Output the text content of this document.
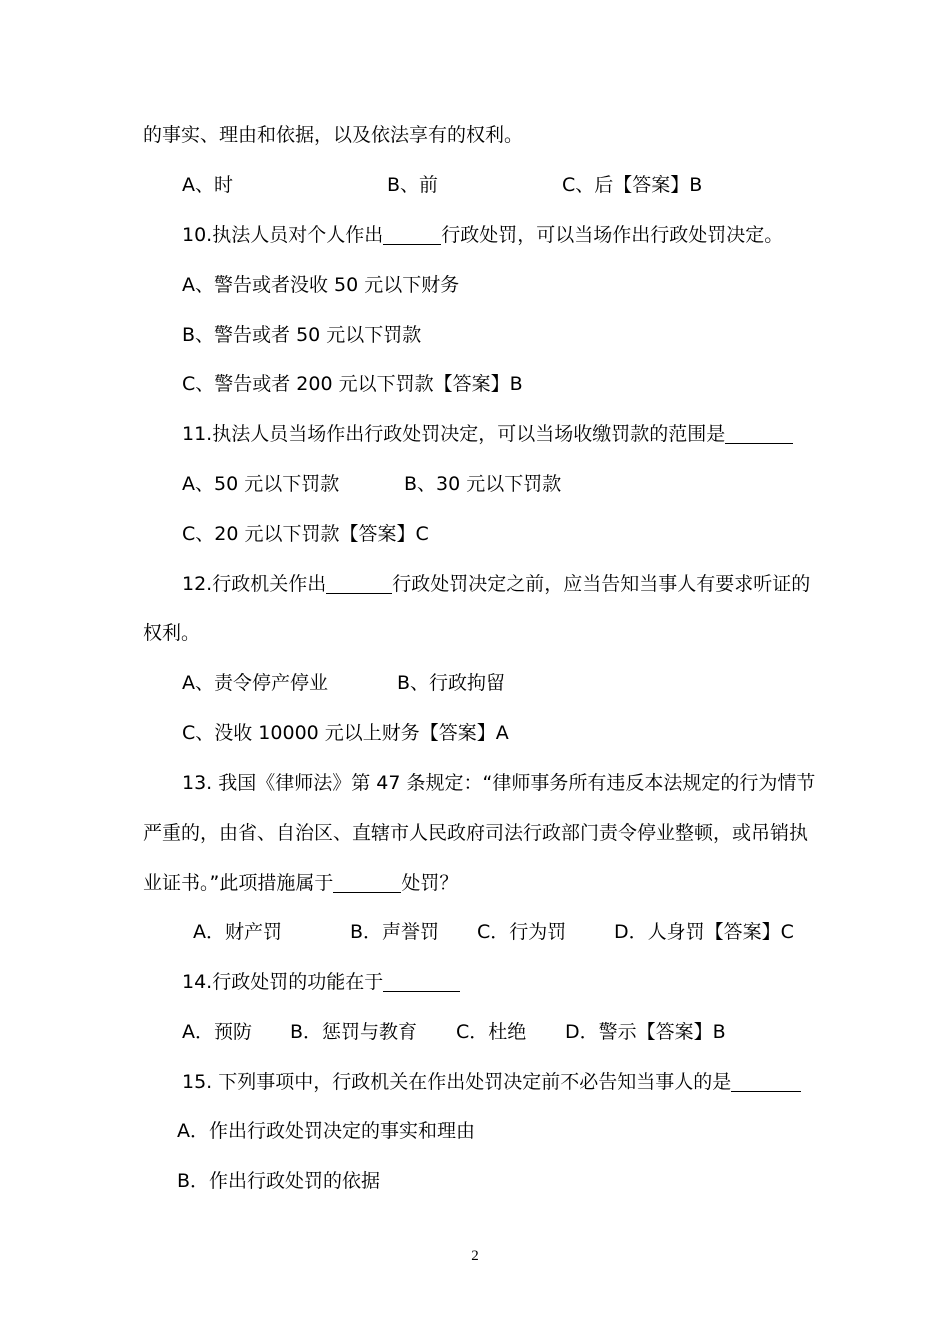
的事实、理由和依据，以及依法享有的权利。
A、时	B、前	C、后【答案】B
10.执法人员对个人作出	行政处罚，可以当场作出行政处罚决定。
A、警告或者没收 50 元以下财务
B、警告或者 50 元以下罚款
C、警告或者 200 元以下罚款【答案】B
11.执法人员当场作出行政处罚决定，可以当场收缴罚款的范围是
A、50 元以下罚款	B、30 元以下罚款
C、20 元以下罚款【答案】C
12.行政机关作出	行政处罚决定之前，应当告知当事人有要求听证的
权利。
A、责令停产停业	B、行政拘留
C、没收 10000 元以上财务【答案】A
13. 我国《律师法》第 47 条规定：“律师事务所有违反本法规定的行为情节
严重的，由省、自治区、直辖市人民政府司法行政部门责令停业整顿，或吊销执
业证书。”此项措施属于	处罚？
A．财产罚	B．声誉罚 C．行为罚	D．人身罚【答案】C
14.行政处罚的功能在于
A．预防 B．惩罚与教育 C．杜绝 D．警示【答案】B
15. 下列事项中，行政机关在作出处罚决定前不必告知当事人的是
A．作出行政处罚决定的事实和理由
B．作出行政处罚的依据
2
